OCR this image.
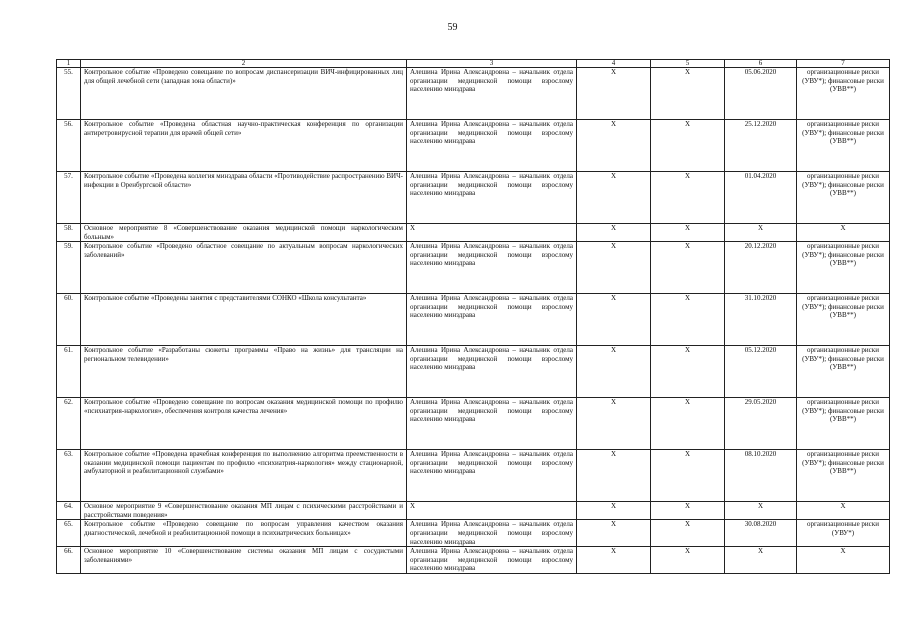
59
1	2	3	4	5	6	7
55.	Контрольное событие «Проведено совещание по вопросам диспансеризации ВИЧ-инфицированных лиц для общей лечебной сети (западная зона области)»	Алешина Ирина Александровна – начальник отдела организации медицинской помощи взрослому населению минздрава	Х	Х	05.06.2020	организационные риски (УВУ*); финансовые риски (УВВ**)
56.	Контрольное событие «Проведена областная научно-практическая конференция по организации антиретровирусной терапии для врачей общей сети»	Алешина Ирина Александровна – начальник отдела организации медицинской помощи взрослому населению минздрава	Х	Х	25.12.2020	организационные риски (УВУ*); финансовые риски (УВВ**)
57.	Контрольное событие «Проведена коллегия минздрава области «Противодействие распространению ВИЧ-инфекции в Оренбургской области»	Алешина Ирина Александровна – начальник отдела организации медицинской помощи взрослому населению минздрава	Х	Х	01.04.2020	организационные риски (УВУ*); финансовые риски (УВВ**)
58.	Основное мероприятие 8 «Совершенствование оказания медицинской помощи наркологическим больным»	Х	Х	Х	Х	Х
59.	Контрольное событие «Проведено областное совещание по актуальным вопросам наркологических заболеваний»	Алешина Ирина Александровна – начальник отдела организации медицинской помощи взрослому населению минздрава	Х	Х	20.12.2020	организационные риски (УВУ*); финансовые риски (УВВ**)
60.	Контрольное событие «Проведены занятия с представителями СОНКО «Школа консультанта»	Алешина Ирина Александровна – начальник отдела организации медицинской помощи взрослому населению минздрава	Х	Х	31.10.2020	организационные риски (УВУ*); финансовые риски (УВВ**)
61.	Контрольное событие «Разработаны сюжеты программы «Право на жизнь» для трансляции на региональном телевидении»	Алешина Ирина Александровна – начальник отдела организации медицинской помощи взрослому населению минздрава	Х	Х	05.12.2020	организационные риски (УВУ*); финансовые риски (УВВ**)
62.	Контрольное событие «Проведено совещание по вопросам оказания медицинской помощи по профилю «психиатрия-наркология», обеспечения контроля качества лечения»	Алешина Ирина Александровна – начальник отдела организации медицинской помощи взрослому населению минздрава	Х	Х	29.05.2020	организационные риски (УВУ*); финансовые риски (УВВ**)
63.	Контрольное событие «Проведена врачебная конференция по выполнению алгоритма преемственности в оказании медицинской помощи пациентам по профилю «психиатрия-наркология» между стационарной, амбулаторной и реабилитационной службами»	Алешина Ирина Александровна – начальник отдела организации медицинской помощи взрослому населению минздрава	Х	Х	08.10.2020	организационные риски (УВУ*); финансовые риски (УВВ**)
64.	Основное мероприятие 9 «Совершенствование оказания МП лицам с психическими расстройствами и расстройствами поведения»	Х	Х	Х	Х	Х
65.	Контрольное событие «Проведено совещание по вопросам управления качеством оказания диагностической, лечебной и реабилитационной помощи в психиатрических больницах»	Алешина Ирина Александровна – начальник отдела организации медицинской помощи взрослому населению минздрава	Х	Х	30.08.2020	организационные риски (УВУ*)
66.	Основное мероприятие 10 «Совершенствование системы оказания МП лицам с сосудистыми заболеваниями»	Алешина Ирина Александровна – начальник отдела организации медицинской помощи взрослому населению минздрава	Х	Х	Х	Х
